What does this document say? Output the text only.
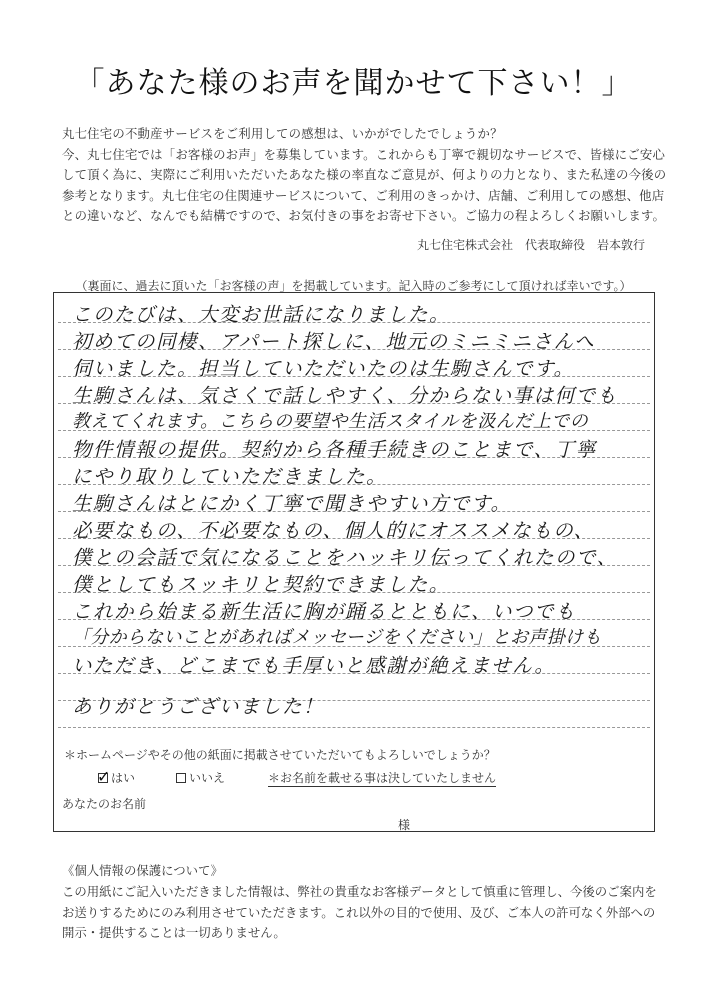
「あなた様のお声を聞かせて下さい！」

丸七住宅の不動産サービスをご利用しての感想は、いかがでしたでしょうか？

今、丸七住宅では「お客様のお声」を募集しています。これからも丁寧で親切なサービスで、皆様にご安心

して頂く為に、実際にご利用いただいたあなた様の率直なご意見が、何よりの力となり、また私達の今後の

参考となります。丸七住宅の住関連サービスについて、ご利用のきっかけ、店舗、ご利用しての感想、他店

との違いなど、なんでも結構ですので、お気付きの事をお寄せ下さい。ご協力の程よろしくお願いします。

丸七住宅株式会社　代表取締役　岩本敦行
（裏面に、過去に頂いた「お客様の声」を掲載しています。記入時のご参考にして頂ければ幸いです。）
このたびは、大変お世話になりました。
初めての同棲、アパート探しに、地元のミニミニさんへ
伺いました。担当していただいたのは生駒さんです。
生駒さんは、気さくで話しやすく、分からない事は何でも
教えてくれます。こちらの要望や生活スタイルを汲んだ上での
物件情報の提供。契約から各種手続きのことまで、丁寧
にやり取りしていただきました。
生駒さんはとにかく丁寧で聞きやすい方です。
必要なもの、不必要なもの、個人的にオススメなもの、
僕との会話で気になることをハッキリ伝ってくれたので、
僕としてもスッキリと契約できました。
これから始まる新生活に胸が踊るとともに、いつでも
「分からないことがあればメッセージをください」とお声掛けも
いただき、どこまでも手厚いと感謝が絶えません。
ありがとうございました！
＊ホームページやその他の紙面に掲載させていただいてもよろしいでしょうか？
✓ はい	いいえ	＊お名前を載せる事は決していたしません
あなたのお名前
様

《個人情報の保護について》

この用紙にご記入いただきました情報は、弊社の貴重なお客様データとして慎重に管理し、今後のご案内を

お送りするためにのみ利用させていただきます。これ以外の目的で使用、及び、ご本人の許可なく外部への

開示・提供することは一切ありません。
